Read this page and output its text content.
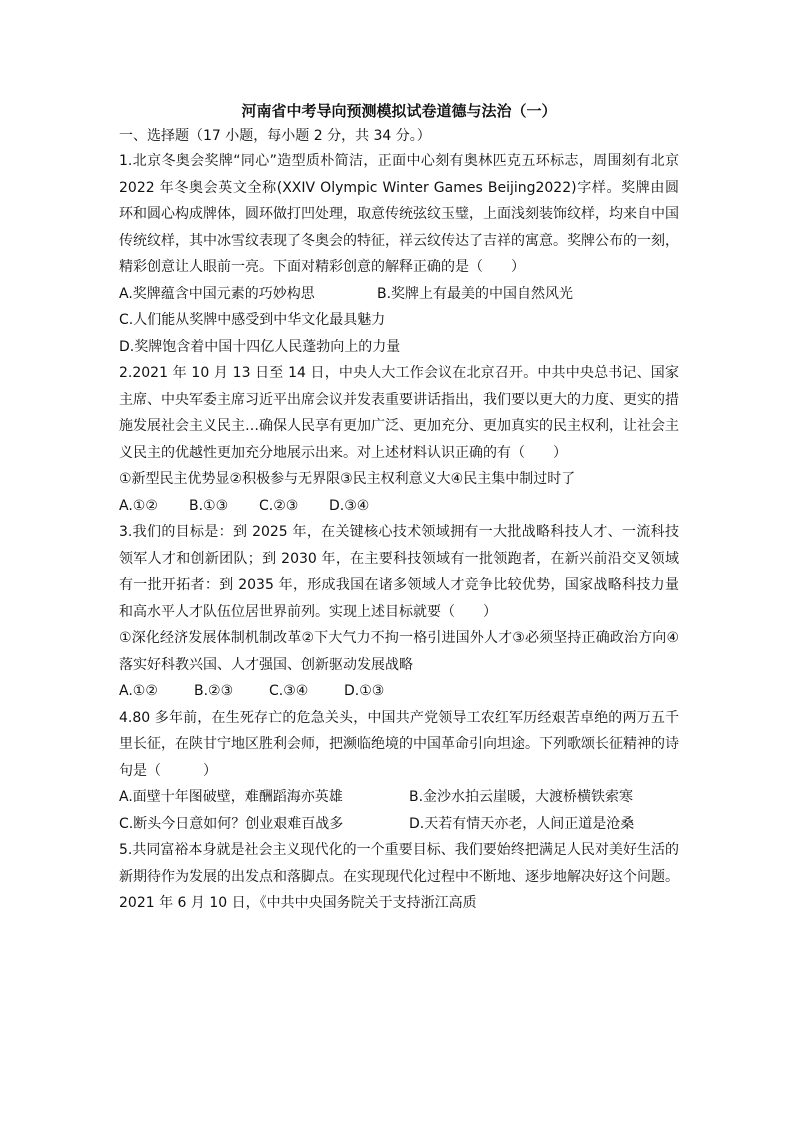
河南省中考导向预测模拟试卷道德与法治（一）

一、选择题（17 小题，每小题 2 分，共 34 分。）

1.北京冬奥会奖牌“同心”造型质朴简洁，正面中心刻有奥林匹克五环标志，周围刻有北京 2022 年冬奥会英文全称(XXIV Olympic Winter Games Beijing2022)字样。奖牌由圆环和圆心构成牌体，圆环做打凹处理，取意传统弦纹玉璧，上面浅刻装饰纹样，均来自中国传统纹样，其中冰雪纹表现了冬奥会的特征，祥云纹传达了吉祥的寓意。奖牌公布的一刻，精彩创意让人眼前一亮。下面对精彩创意的解释正确的是（　　）

A.奖牌蕴含中国元素的巧妙构思	B.奖牌上有最美的中国自然风光

C.人们能从奖牌中感受到中华文化最具魅力

D.奖牌饱含着中国十四亿人民蓬勃向上的力量

2.2021 年 10 月 13 日至 14 日，中央人大工作会议在北京召开。中共中央总书记、国家主席、中央军委主席习近平出席会议并发表重要讲话指出，我们要以更大的力度、更实的措施发展社会主义民主…确保人民享有更加广泛、更加充分、更加真实的民主权利，让社会主义民主的优越性更加充分地展示出来。对上述材料认识正确的有（　　）

①新型民主优势显②积极参与无界限③民主权利意义大④民主集中制过时了

A.①②	B.①③	C.②③	D.③④

3.我们的目标是：到 2025 年，在关键核心技术领域拥有一大批战略科技人才、一流科技领军人才和创新团队；到 2030 年，在主要科技领域有一批领跑者，在新兴前沿交叉领域有一批开拓者：到 2035 年，形成我国在诸多领域人才竞争比较优势，国家战略科技力量和高水平人才队伍位居世界前列。实现上述目标就要（　　）

①深化经济发展体制机制改革②下大气力不拘一格引进国外人才③必须坚持正确政治方向④落实好科教兴国、人才强国、创新驱动发展战略

A.①②	B.②③	C.③④	D.①③

4.80 多年前，在生死存亡的危急关头，中国共产党领导工农红军历经艰苦卓绝的两万五千里长征，在陕甘宁地区胜利会师，把濒临绝境的中国革命引向坦途。下列歌颂长征精神的诗句是（　　　）

A.面壁十年图破壁，难酬蹈海亦英雄	B.金沙水拍云崖暖，大渡桥横铁索寒
C.断头今日意如何？创业艰难百战多	D.天若有情天亦老，人间正道是沧桑

5.共同富裕本身就是社会主义现代化的一个重要目标、我们要始终把满足人民对美好生活的新期待作为发展的出发点和落脚点。在实现现代化过程中不断地、逐步地解决好这个问题。2021 年 6 月 10 日，《中共中央国务院关于支持浙江高质
